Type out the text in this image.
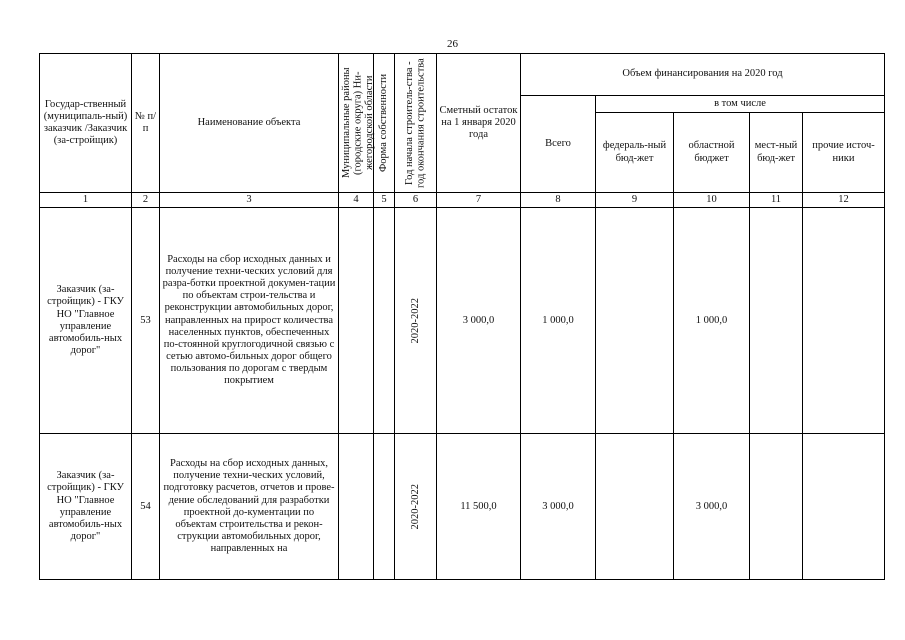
26
Государ-ственный (муниципаль-ный) заказчик /Заказчик (за-стройщик)	№ п/п	Наименование объекта	Муниципальные районы (городские округа) Ни-жегородской области	Форма собственности	Год начала строитель-ства - год окончания строительства	Сметный остаток на 1 января 2020 года	Объем финансирования на 2020 год				
							Всего	в том числе			
								федераль-ный бюд-жет	областной бюджет	мест-ный бюд-жет	прочие источ-ники
1	2	3	4	5	6	7	8	9	10	11	12
Заказчик (за-стройщик) - ГКУ НО "Главное управление автомобиль-ных дорог"	53	Расходы на сбор исходных данных и получение техни-ческих условий для разра-ботки проектной докумен-тации по объектам строи-тельства и реконструкции автомобильных дорог, направленных на прирост количества населенных пунктов, обеспеченных по-стоянной круглогодичной связью с сетью автомо-бильных дорог общего пользования по дорогам с твердым покрытием			2020-2022	3 000,0	1 000,0		1 000,0		
Заказчик (за-стройщик) - ГКУ НО "Главное управление автомобиль-ных дорог"	54	Расходы на сбор исходных данных, получение техни-ческих условий, подготовку расчетов, отчетов и прове-дение обследований для разработки проектной до-кументации по объектам строительства и рекон-струкции автомобильных дорог, направленных на			2020-2022	11 500,0	3 000,0		3 000,0		
